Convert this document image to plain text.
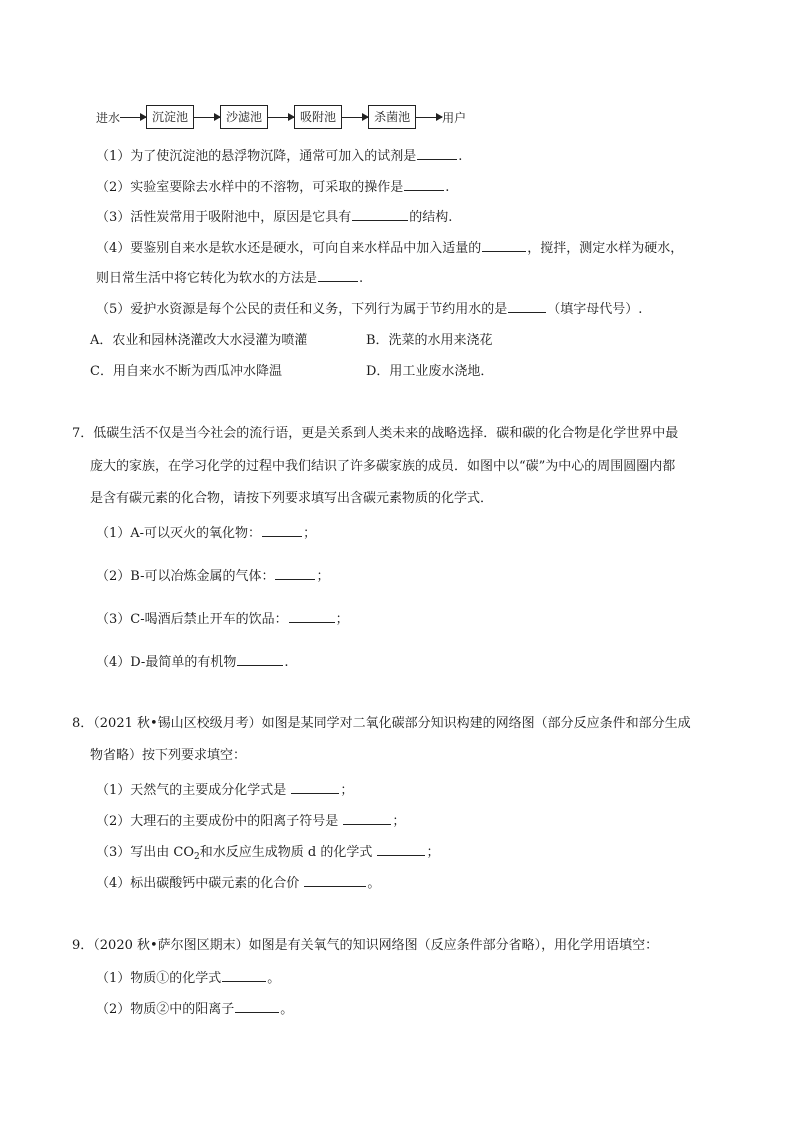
进水	沉淀池	沙滤池	吸附池	杀菌池	用户
（1）为了使沉淀池的悬浮物沉降，通常可加入的试剂是	.
（2）实验室要除去水样中的不溶物，可采取的操作是	.
（3）活性炭常用于吸附池中，原因是它具有	的结构.
（4）要鉴别自来水是软水还是硬水，可向自来水样品中加入适量的	，搅拌，测定水样为硬水，
则日常生活中将它转化为软水的方法是	.
（5）爱护水资源是每个公民的责任和义务，下列行为属于节约用水的是	（填字母代号）.
A．农业和园林浇灌改大水浸灌为喷灌	B．洗菜的水用来浇花
C．用自来水不断为西瓜冲水降温	D．用工业废水浇地．
7．低碳生活不仅是当今社会的流行语，更是关系到人类未来的战略选择．碳和碳的化合物是化学世界中最
庞大的家族，在学习化学的过程中我们结识了许多碳家族的成员．如图中以“碳”为中心的周围圆圈内都
是含有碳元素的化合物，请按下列要求填写出含碳元素物质的化学式．
（1）A-可以灭火的氧化物：	；
（2）B-可以冶炼金属的气体：	；
（3）C-喝酒后禁止开车的饮品：	；
（4）D-最简单的有机物	.
8．（2021 秋•锡山区校级月考）如图是某同学对二氧化碳部分知识构建的网络图（部分反应条件和部分生成
物省略）按下列要求填空：
（1）天然气的主要成分化学式是	；
（2）大理石的主要成份中的阳离子符号是	；
（3）写出由 $CO_2$和水反应生成物质 d 的化学式	；
（4）标出碳酸钙中碳元素的化合价	。
9．（2020 秋•萨尔图区期末）如图是有关氧气的知识网络图（反应条件部分省略），用化学用语填空：
（1）物质①的化学式	。
（2）物质②中的阳离子	。
